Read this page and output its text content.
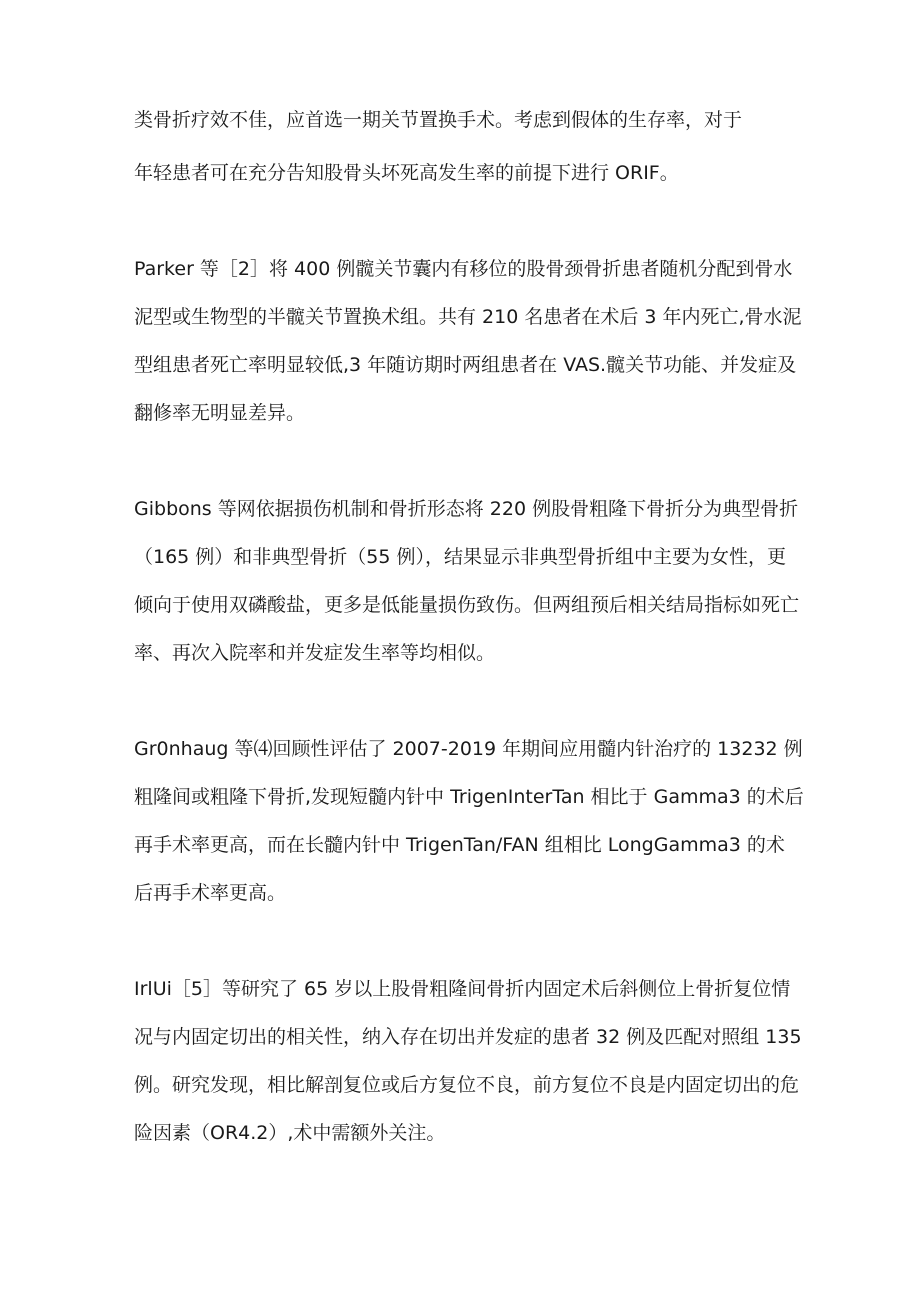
类骨折疗效不佳，应首选一期关节置换手术。考虑到假体的生存率，对于
年轻患者可在充分告知股骨头坏死高发生率的前提下进行 ORIF。
Parker 等［2］将 400 例髋关节囊内有移位的股骨颈骨折患者随机分配到骨水
泥型或生物型的半髋关节置换术组。共有 210 名患者在术后 3 年内死亡,骨水泥
型组患者死亡率明显较低,3 年随访期时两组患者在 VAS.髋关节功能、并发症及
翻修率无明显差异。
Gibbons 等网依据损伤机制和骨折形态将 220 例股骨粗隆下骨折分为典型骨折
（165 例）和非典型骨折（55 例），结果显示非典型骨折组中主要为女性，更
倾向于使用双磷酸盐，更多是低能量损伤致伤。但两组预后相关结局指标如死亡
率、再次入院率和并发症发生率等均相似。
Gr0nhaug 等⑷回顾性评估了 2007-2019 年期间应用髓内针治疗的 13232 例
粗隆间或粗隆下骨折,发现短髓内针中 TrigenInterTan 相比于 Gamma3 的术后
再手术率更高，而在长髓内针中 TrigenTan/FAN 组相比 LongGamma3 的术
后再手术率更高。
IrlUi［5］等研究了 65 岁以上股骨粗隆间骨折内固定术后斜侧位上骨折复位情
况与内固定切出的相关性，纳入存在切出并发症的患者 32 例及匹配对照组 135
例。研究发现，相比解剖复位或后方复位不良，前方复位不良是内固定切出的危
险因素（OR4.2）,术中需额外关注。
